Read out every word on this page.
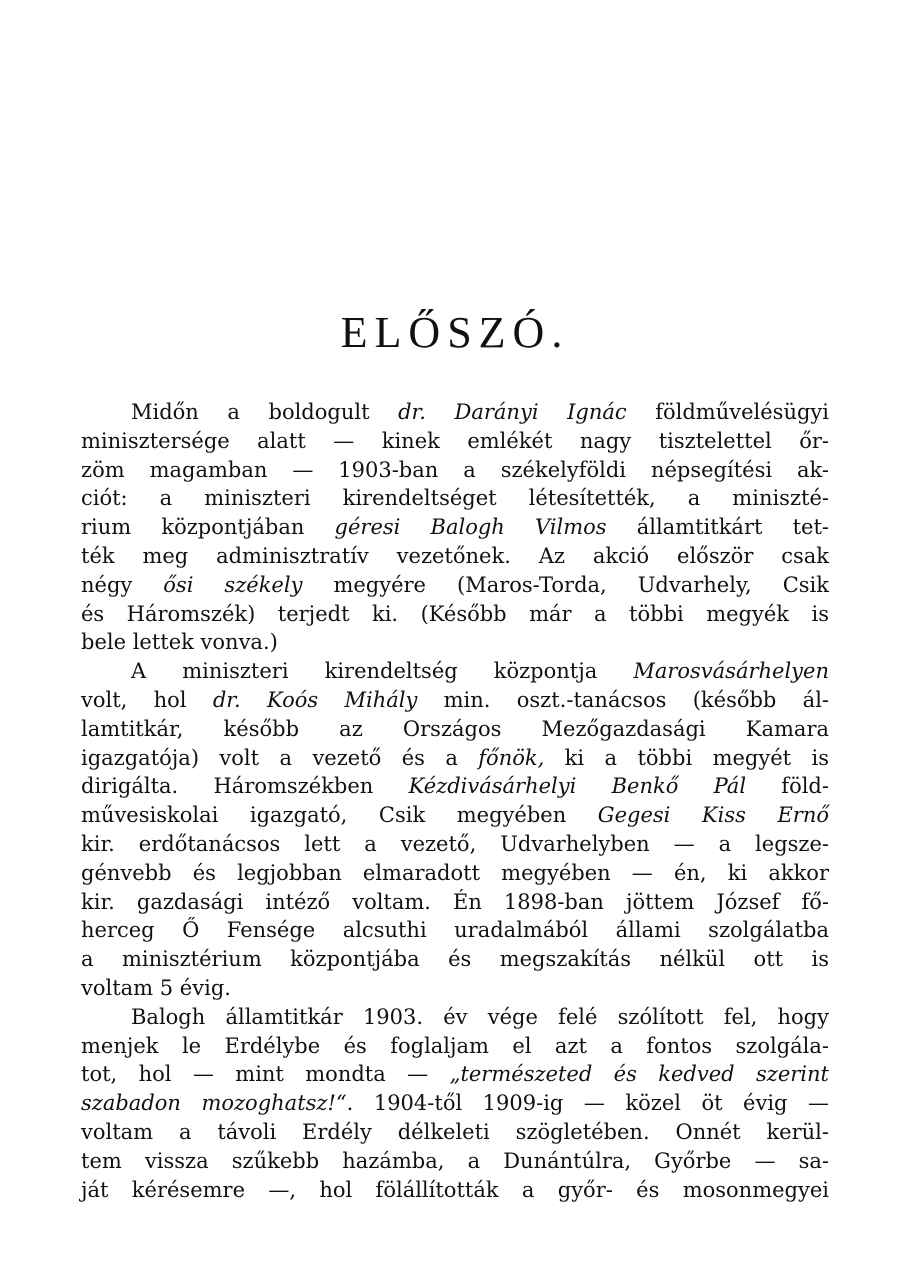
ELŐSZÓ.
Midőn a boldogult dr. Darányi Ignác földművelésügyi
minisztersége alatt — kinek emlékét nagy tisztelettel őr-
zöm magamban — 1903-ban a székelyföldi népsegítési ak-
ciót: a miniszteri kirendeltséget létesítették, a miniszté-
rium központjában géresi Balogh Vilmos államtitkárt tet-
ték meg adminisztratív vezetőnek. Az akció először csak
négy ősi székely megyére (Maros-Torda, Udvarhely, Csik
és Háromszék) terjedt ki. (Később már a többi megyék is
bele lettek vonva.)
A miniszteri kirendeltség központja Marosvásárhelyen
volt, hol dr. Koós Mihály min. oszt.-tanácsos (később ál-
lamtitkár, később az Országos Mezőgazdasági Kamara
igazgatója) volt a vezető és a főnök, ki a többi megyét is
dirigálta. Háromszékben Kézdivásárhelyi Benkő Pál föld-
művesiskolai igazgató, Csik megyében Gegesi Kiss Ernő
kir. erdőtanácsos lett a vezető, Udvarhelyben — a legsze-
génvebb és legjobban elmaradott megyében — én, ki akkor
kir. gazdasági intéző voltam. Én 1898-ban jöttem József fő-
herceg Ő Fensége alcsuthi uradalmából állami szolgálatba
a minisztérium központjába és megszakítás nélkül ott is
voltam 5 évig.
Balogh államtitkár 1903. év vége felé szólított fel, hogy
menjek le Erdélybe és foglaljam el azt a fontos szolgála-
tot, hol — mint mondta — „természeted és kedved szerint
szabadon mozoghatsz!“. 1904-től 1909-ig — közel öt évig —
voltam a távoli Erdély délkeleti szögletében. Onnét kerül-
tem vissza szűkebb hazámba, a Dunántúlra, Győrbe — sa-
ját kérésemre —, hol fölállították a győr- és mosonmegyei
